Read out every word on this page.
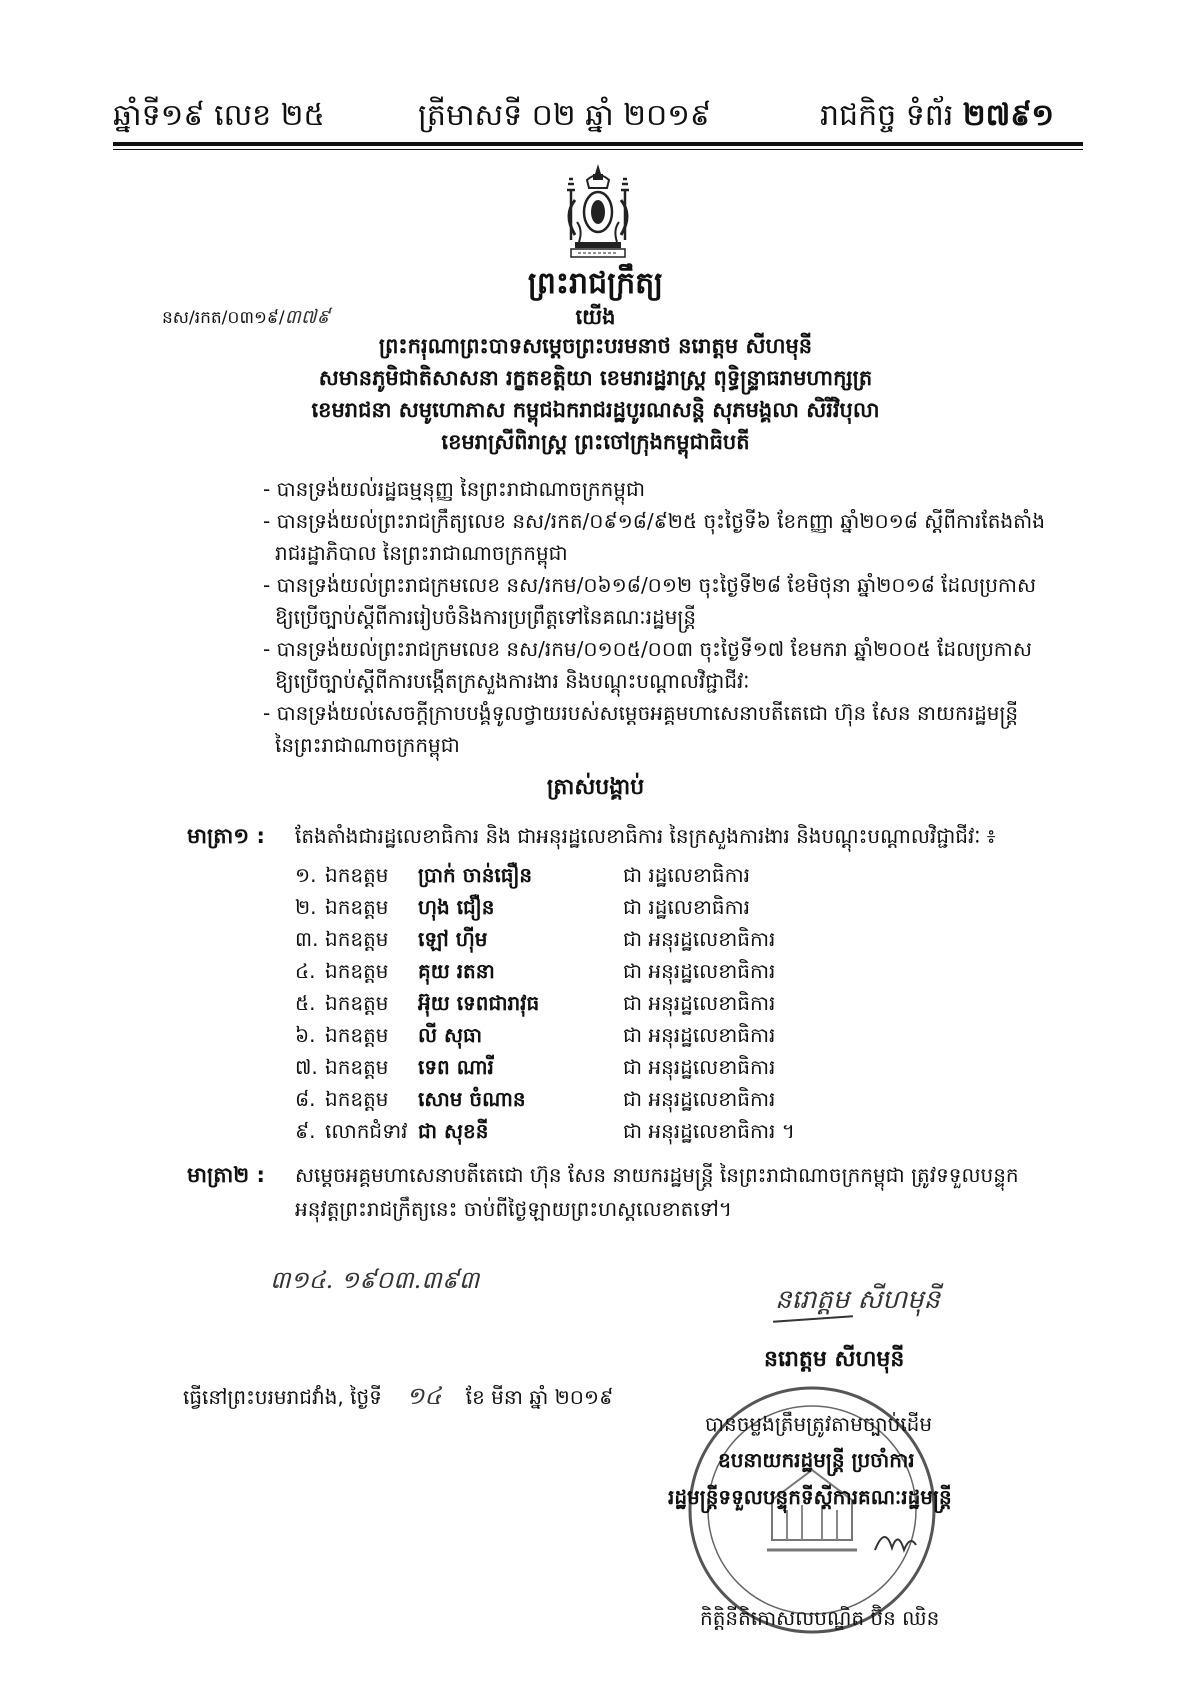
ឆ្នាំទី១៩ លេខ ២៥	ត្រីមាសទី ០២ ឆ្នាំ ២០១៩	រាជកិច្ច ទំព័រ ២៧៩១
ព្រះរាជក្រឹត្យ
នស/រកត/០៣១៩/៣៧៩	យើង
ព្រះករុណាព្រះបាទសម្តេចព្រះបរមនាថ នរោត្តម សីហមុនី
សមានភូមិជាតិសាសនា រក្ខតខត្តិយា ខេមរារដ្ឋរាស្ត្រ ពុទ្ធិន្ទ្រាធរាមហាក្សត្រ
ខេមរាជនា សមូហោភាស កម្ពុជឯករាជរដ្ឋបូរណសន្តិ សុភមង្គលា សិរីវិបុលា
ខេមរាស្រីពិរាស្ត្រ ព្រះចៅក្រុងកម្ពុជាធិបតី
- បានទ្រង់យល់រដ្ឋធម្មនុញ្ញ នៃព្រះរាជាណាចក្រកម្ពុជា
- បានទ្រង់យល់ព្រះរាជក្រឹត្យលេខ នស/រកត/០៩១៨/៩២៥ ចុះថ្ងៃទី៦ ខែកញ្ញា ឆ្នាំ២០១៨ ស្តីពីការតែងតាំង
រាជរដ្ឋាភិបាល នៃព្រះរាជាណាចក្រកម្ពុជា
- បានទ្រង់យល់ព្រះរាជក្រមលេខ នស/រកម/០៦១៨/០១២ ចុះថ្ងៃទី២៨ ខែមិថុនា ឆ្នាំ២០១៨ ដែលប្រកាស
ឱ្យប្រើច្បាប់ស្តីពីការរៀបចំនិងការប្រព្រឹត្តទៅនៃគណៈរដ្ឋមន្ត្រី
- បានទ្រង់យល់ព្រះរាជក្រមលេខ នស/រកម/០១០៥/០០៣ ចុះថ្ងៃទី១៧ ខែមករា ឆ្នាំ២០០៥ ដែលប្រកាស
ឱ្យប្រើច្បាប់ស្តីពីការបង្កើតក្រសួងការងារ និងបណ្តុះបណ្តាលវិជ្ជាជីវៈ
- បានទ្រង់យល់សេចក្តីក្រាបបង្គំទូលថ្វាយរបស់សម្តេចអគ្គមហាសេនាបតីតេជោ ហ៊ុន សែន នាយករដ្ឋមន្ត្រី
នៃព្រះរាជាណាចក្រកម្ពុជា
ត្រាស់បង្គាប់
មាត្រា១ : តែងតាំងជារដ្ឋលេខាធិការ និង ជាអនុរដ្ឋលេខាធិការ នៃក្រសួងការងារ និងបណ្តុះបណ្តាលវិជ្ជាជីវៈ ៖
១. ឯកឧត្តម ប្រាក់ ចាន់ធឿន	ជា រដ្ឋលេខាធិការ
២. ឯកឧត្តម ហុង ជឿន	ជា រដ្ឋលេខាធិការ
៣. ឯកឧត្តម ឡៅ ហ៊ីម	ជា អនុរដ្ឋលេខាធិការ
៤. ឯកឧត្តម គុយ រតនា	ជា អនុរដ្ឋលេខាធិការ
៥. ឯកឧត្តម អ៊ុយ ទេពជារាវុធ	ជា អនុរដ្ឋលេខាធិការ
៦. ឯកឧត្តម លី សុធា	ជា អនុរដ្ឋលេខាធិការ
៧. ឯកឧត្តម ទេព ណារី	ជា អនុរដ្ឋលេខាធិការ
៨. ឯកឧត្តម សោម ចំណាន	ជា អនុរដ្ឋលេខាធិការ
៩. លោកជំទាវ ជា សុខនី	ជា អនុរដ្ឋលេខាធិការ ។
មាត្រា២ : សម្តេចអគ្គមហាសេនាបតីតេជោ ហ៊ុន សែន នាយករដ្ឋមន្ត្រី នៃព្រះរាជាណាចក្រកម្ពុជា ត្រូវទទួលបន្ទុក
អនុវត្តព្រះរាជក្រឹត្យនេះ ចាប់ពីថ្ងៃឡាយព្រះហស្តលេខាតទៅ។
៣១៤. ១៩០៣.៣៩៣
ធ្វើនៅព្រះបរមរាជវាំង, ថ្ងៃទី ១៤ ខែ មីនា ឆ្នាំ ២០១៩
នរោត្តម សីហមុនី
នរោត្តម សីហមុនី
បានចម្លងត្រឹមត្រូវតាមច្បាប់ដើម
ឧបនាយករដ្ឋមន្ត្រី ប្រចាំការ
រដ្ឋមន្ត្រីទទួលបន្ទុកទីស្តីការគណៈរដ្ឋមន្ត្រី
កិត្តិនីតិកោសលបណ្ឌិត ប៊ិន ឈិន
